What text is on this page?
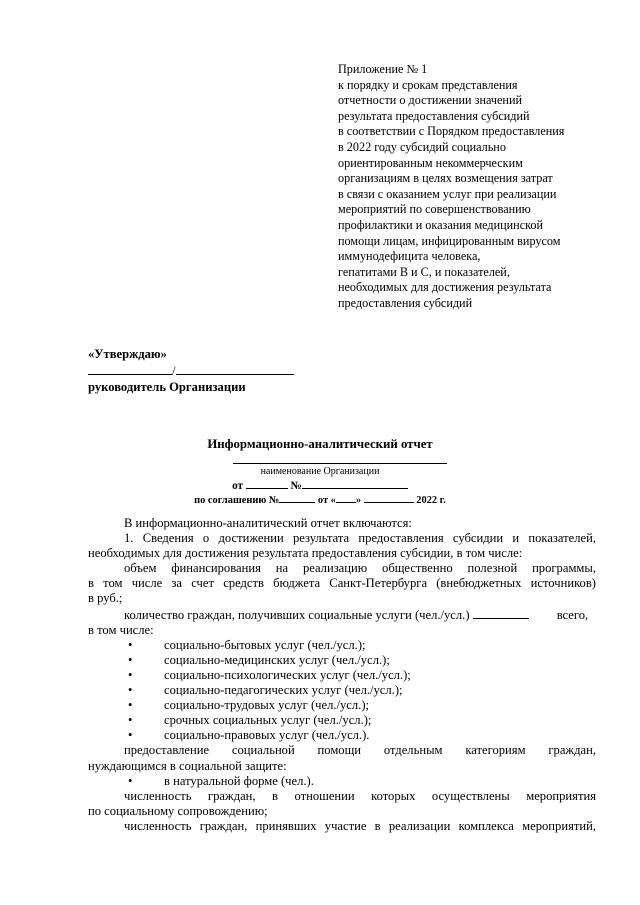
Приложение № 1
к порядку и срокам представления
отчетности о достижении значений
результата предоставления субсидий
в соответствии с Порядком предоставления
в 2022 году субсидий социально
ориентированным некоммерческим
организациям в целях возмещения затрат
в связи с оказанием услуг при реализации
мероприятий по совершенствованию
профилактики и оказания медицинской
помощи лицам, инфицированным вирусом
иммунодефицита человека,
гепатитами В и С, и показателей,
необходимых для достижения результата
предоставления субсидий
«Утверждаю»
/
руководитель Организации
Информационно-аналитический отчет
наименование Организации
от	№
по соглашению №	от « »	2022 г.

В информационно-аналитический отчет включаются:

1. Сведения о достижении результата предоставления субсидии и показателей,

необходимых для достижения результата предоставления субсидии, в том числе:

объем финансирования на реализацию общественно полезной программы,

в том числе за счет средств бюджета Санкт-Петербурга (внебюджетных источников)

в руб.;

количество граждан, получивших социальные услуги (чел./усл.)	всего,

в том числе:

•	социально-бытовых услуг (чел./усл.);

•	социально-медицинских услуг (чел./усл.);

•	социально-психологических услуг (чел./усл.);

•	социально-педагогических услуг (чел./усл.);

•	социально-трудовых услуг (чел./усл.);

•	срочных социальных услуг (чел./усл.);

•	социально-правовых услуг (чел./усл.).

предоставление социальной помощи отдельным категориям граждан,

нуждающимся в социальной защите:

•	в натуральной форме (чел.).

численность граждан, в отношении которых осуществлены мероприятия

по социальному сопровождению;

численность граждан, принявших участие в реализации комплекса мероприятий,
